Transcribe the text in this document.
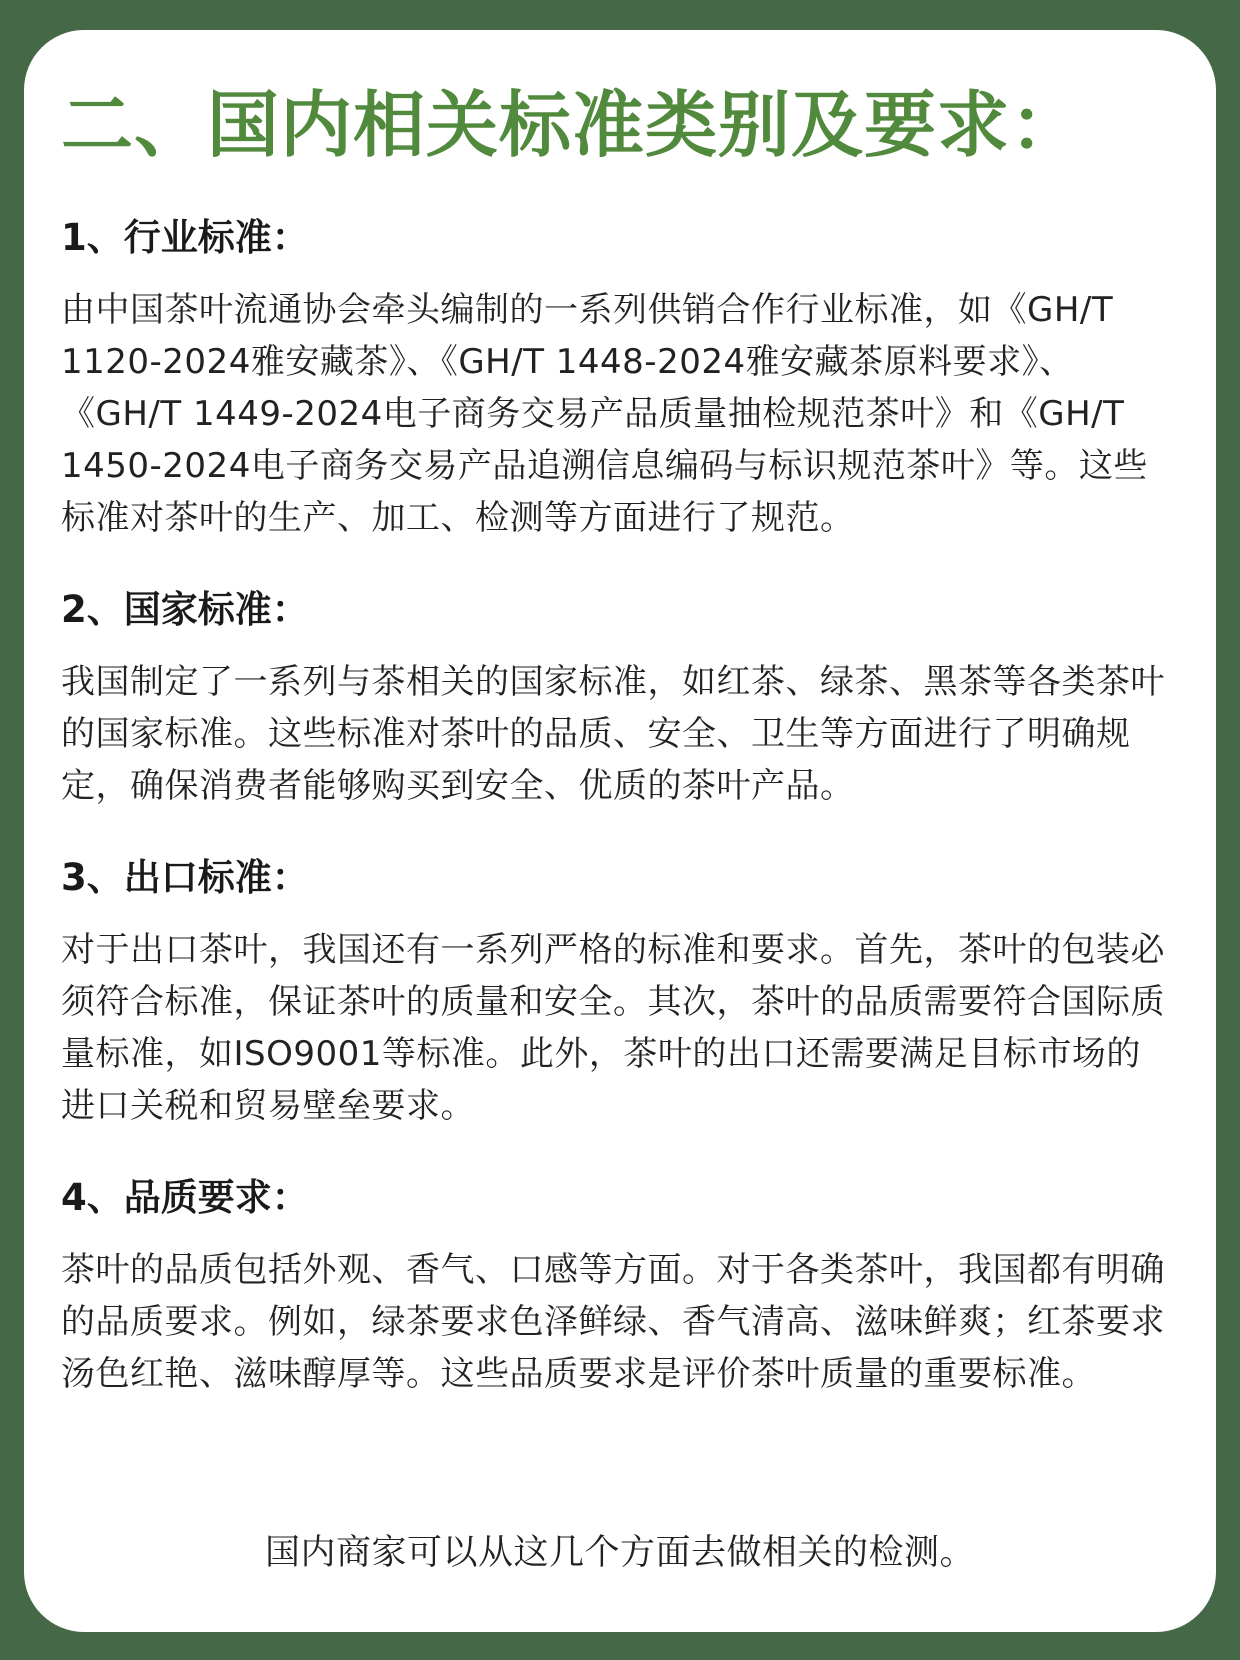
二、国内相关标准类别及要求：
1、行业标准：

由中国茶叶流通协会牵头编制的一系列供销合作行业标准，如《GH/T 1120-2024雅安藏茶》、《GH/T 1448-2024雅安藏茶原料要求》、《GH/T 1449-2024电子商务交易产品质量抽检规范茶叶》和《GH/T 1450-2024电子商务交易产品追溯信息编码与标识规范茶叶》等。这些标准对茶叶的生产、加工、检测等方面进行了规范。

2、国家标准：

我国制定了一系列与茶相关的国家标准，如红茶、绿茶、黑茶等各类茶叶的国家标准。这些标准对茶叶的品质、安全、卫生等方面进行了明确规定，确保消费者能够购买到安全、优质的茶叶产品。

3、出口标准：

对于出口茶叶，我国还有一系列严格的标准和要求。首先，茶叶的包装必须符合标准，保证茶叶的质量和安全。其次，茶叶的品质需要符合国际质量标准，如ISO9001等标准。此外，茶叶的出口还需要满足目标市场的进口关税和贸易壁垒要求。

4、品质要求：

茶叶的品质包括外观、香气、口感等方面。对于各类茶叶，我国都有明确的品质要求。例如，绿茶要求色泽鲜绿、香气清高、滋味鲜爽；红茶要求汤色红艳、滋味醇厚等。这些品质要求是评价茶叶质量的重要标准。

国内商家可以从这几个方面去做相关的检测。
